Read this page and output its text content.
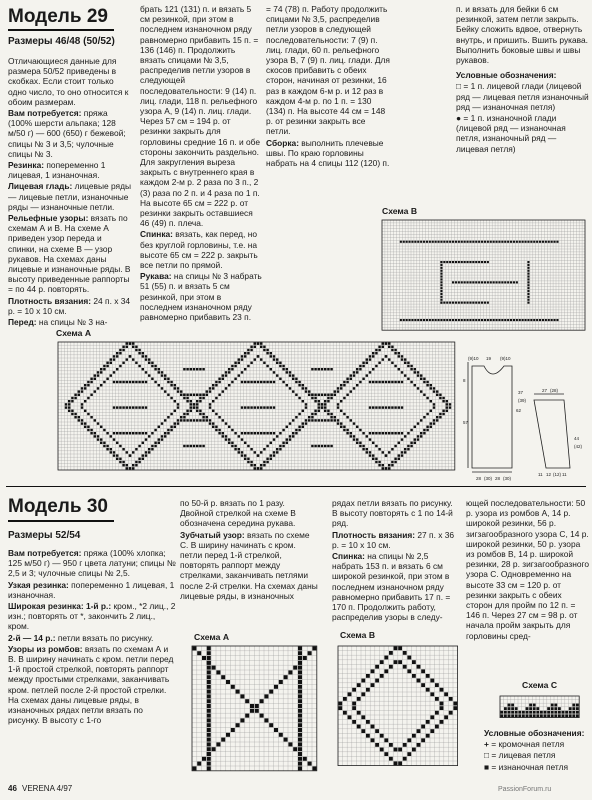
Модель 29
Размеры 46/48 (50/52)

Отличающиеся данные для размера 50/52 приведены в скобках. Если стоит только одно число, то оно относится к обоим размерам.

Вам потребуется: пряжа (100% шерсти альпака; 128 м/50 г) — 600 (650) г бежевой; спицы № 3 и 3,5; чулочные спицы № 3.

Резинка: попеременно 1 лицевая, 1 изнаночная.

Лицевая гладь: лицевые ряды — лицевые петли, изнаночные ряды — изнаночные петли.

Рельефные узоры: вязать по схемам А и В. На схеме А приведен узор переда и спинки, на схеме В — узор рукавов. На схемах даны лицевые и изнаночные ряды. В высоту приведенные раппорты = по 44 р. повторять.

Плотность вязания: 24 п. х 34 р. = 10 х 10 см.

Перед: на спицы № 3 на-

брать 121 (131) п. и вязать 5 см резинкой, при этом в последнем изнаночном ряду равномерно прибавить 15 п. = 136 (146) п. Продолжить вязать спицами № 3,5, распределив петли узоров в следующей последовательности: 9 (14) п. лиц. глади, 118 п. рельефного узора А, 9 (14) п. лиц. глади. Через 57 см = 194 р. от резинки закрыть для горловины средние 16 п. и обе стороны закончить раздельно. Для закругления выреза закрыть с внутреннего края в каждом 2-м р. 2 раза по 3 п., 2 (3) раза по 2 п. и 4 раза по 1 п. На высоте 65 см = 222 р. от резинки закрыть оставшиеся 46 (49) п. плеча.

Спинка: вязать, как перед, но без круглой горловины, т.е. на высоте 65 см = 222 р. закрыть все петли по прямой.

Рукава: на спицы № 3 набрать 51 (55) п. и вязать 5 см резинкой, при этом в последнем изнаночном ряду равномерно прибавить 23 п.

= 74 (78) п. Работу продолжить спицами № 3,5, распределив петли узоров в следующей последовательности: 7 (9) п. лиц. глади, 60 п. рельефного узора В, 7 (9) п. лиц. глади. Для скосов прибавить с обеих сторон, начиная от резинки, 16 раз в каждом 6-м р. и 12 раз в каждом 4-м р. по 1 п. = 130 (134) п. На высоте 44 см = 148 р. от резинки закрыть все петли.

Сборка: выполнить плечевые швы. По краю горловины набрать на 4 спицы 112 (120) п.

п. и вязать для бейки 6 см резинкой, затем петли закрыть. Бейку сложить вдвое, отвернуть внутрь, и пришить. Вшить рукава. Выполнить боковые швы и швы рукавов.

Условные обозначения:

□ = 1 п. лицевой глади (лицевой ряд — лицевая петля изнаночный ряд — изнаночная петля)

● = 1 п. изнаночной глади (лицевой ряд — изнаночная петля, изнаночный ряд — лицевая петля)

Схема В
Схема А
(9)10 19 (9)10
8
57
62
28 (30) 28 (30)
27 (28)
37
(39)
44
(42)
11 12 (12) 11
Модель 30
Размеры 52/54

Вам потребуется: пряжа (100% хлопка; 125 м/50 г) — 950 г цвета латуни; спицы № 2,5 и 3; чулочные спицы № 2,5.

Узкая резинка: попеременно 1 лицевая, 1 изнаночная.

Широкая резинка: 1-й р.: кром., *2 лиц., 2 изн.; повторять от *, закончить 2 лиц., кром.

2-й — 14 р.: петли вязать по рисунку.

Узоры из ромбов: вязать по схемам А и В. В ширину начинать с кром. петли перед 1-й простой стрелкой, повторять раппорт между простыми стрелками, заканчивать кром. петлей после 2-й простой стрелки. На схемах даны лицевые ряды, в изнаночных рядах петли вязать по рисунку. В высоту с 1-го

по 50-й р. вязать по 1 разу. Двойной стрелкой на схеме В обозначена середина рукава.

Зубчатый узор: вязать по схеме С. В ширину начинать с кром. петли перед 1-й стрелкой, повторять раппорт между стрелками, заканчивать петлями после 2-й стрелки. На схемах даны лицевые ряды, в изнаночных

рядах петли вязать по рисунку. В высоту повторять с 1 по 14-й ряд.

Плотность вязания: 27 п. х 36 р. = 10 х 10 см.

Спинка: на спицы № 2,5 набрать 153 п. и вязать 6 см широкой резинкой, при этом в последнем изнаночном ряду равномерно прибавить 17 п. = 170 п. Продолжить работу, распределив узоры в следу-

ющей последовательности: 50 р. узора из ромбов А, 14 р. широкой резинки, 56 р. зигзагообразного узора С, 14 р. широкой резинки, 50 р. узора из ромбов В, 14 р. широкой резинки, 28 р. зигзагообразного узора С. Одновременно на высоте 33 см = 120 р. от резинки закрыть с обеих сторон для пройм по 12 п. = 146 п. Через 27 см = 98 р. от начала пройм закрыть для горловины сред-

Схема А	Схема В
Схема С

Условные обозначения:

+ = кромочная петля

□ = лицевая петля

■ = изнаночная петля

46 VERENA 4/97	PassionForum.ru
